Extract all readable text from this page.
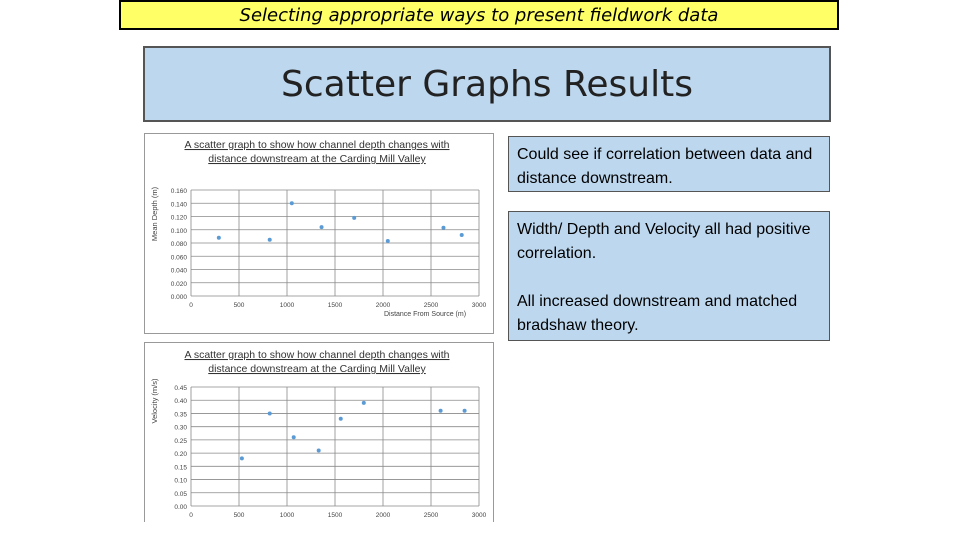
Selecting appropriate ways to present fieldwork data
Scatter Graphs Results
A scatter graph to show how channel depth changes with
distance downstream at the Carding Mill Valley
0.000
0.020
0.040
0.060
0.080
0.100
0.120
0.140
0.160
0	500	1000	1500	2000	2500	3000
Mean Depth (m)
Distance From Source (m)
A scatter graph to show how channel depth changes with
distance downstream at the Carding Mill Valley
0.00
0.05
0.10
0.15
0.20
0.25
0.30
0.35
0.40
0.45
0	500	1000	1500	2000	2500	3000
Velocity (m/s)
Could see if correlation between data and distance downstream.
Width/ Depth and Velocity all had positive correlation.
All increased downstream and matched bradshaw theory.
